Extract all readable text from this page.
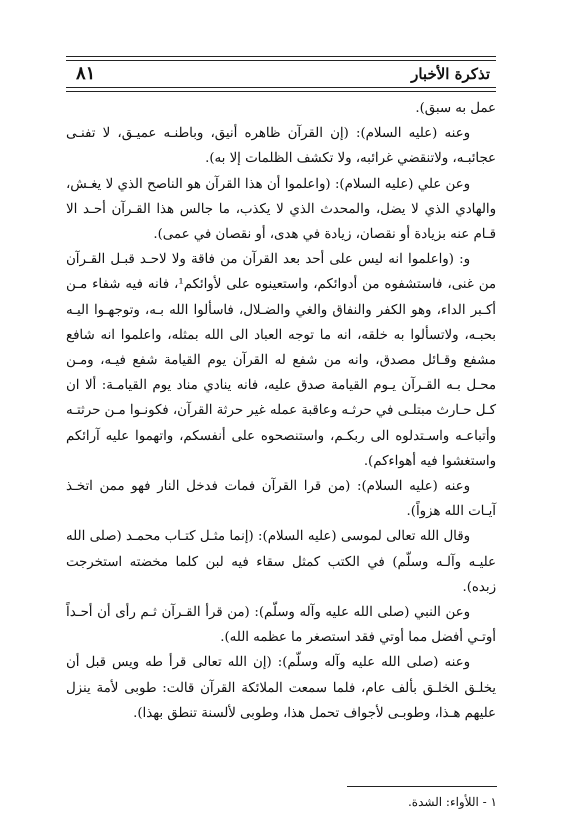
تذكرة الأخبار
٨١

عمل به سبق).

وعنه (عليه السلام): (إن القرآن ظاهره أنيق، وباطنـه عميـق، لا تفنـى عجائبـه، ولاتنقضي غرائبه، ولا تكشف الظلمات إلا به).

وعن علي (عليه السلام): (واعلموا أن هذا القرآن هو الناصح الذي لا يغـش، والهادي الذي لا يضل، والمحدث الذي لا يكذب، ما جالس هذا القـرآن أحـد الا قـام عنه بزيادة أو نقصان، زيادة في هدى، أو نقصان في عمى).

و: (واعلموا انه ليس على أحد بعد القرآن من فاقة ولا لاحـد قبـل القـرآن من غنى، فاستشفوه من أدوائكم، واستعينوه على لأوائكم¹، فانه فيه شفاء مـن أكـبر الداء، وهو الكفر والنفاق والغي والضـلال، فاسألوا الله بـه، وتوجهـوا اليـه بحبـه، ولاتسألوا به خلقه، انه ما توجه العباد الى الله بمثله، واعلموا انه شافع مشفع وقـائل مصدق، وانه من شفع له القرآن يوم القيامة شفع فيـه، ومـن محـل بـه القـرآن يـوم القيامة صدق عليه، فانه ينادي مناد يوم القيامـة: ألا ان كـل حـارث مبتلـى في حرثـه وعاقبة عمله غير حرثة القرآن، فكونـوا مـن حرثتـه وأتباعـه واسـتدلوه الى ربكـم، واستنصحوه على أنفسكم، واتهموا عليه آرائكم واستغشوا فيه أهواءكم).

وعنه (عليه السلام): (من قرا القرآن فمات فدخل النار فهو ممن اتخـذ آيـات الله هزواً).

وقال الله تعالى لموسى (عليه السلام): (إنما مثـل كتـاب محمـد (صلى الله عليـه وآلـه وسلّم) في الكتب كمثل سقاء فيه لبن كلما مخضته استخرجت زبده).

وعن النبي (صلى الله عليه وآله وسلّم): (من قرأ القـرآن ثـم رأى أن أحـداً أوتـي أفضل مما أوتي فقد استصغر ما عظمه الله).

وعنه (صلى الله عليه وآله وسلّم): (إن الله تعالى قرأ طه ويس قبل أن يخلـق الخلـق بألف عام، فلما سمعت الملائكة القرآن قالت: طوبى لأمة ينزل عليهم هـذا، وطوبـى لأجواف تحمل هذا، وطوبى لألسنة تنطق بهذا).

١ - اللأواء: الشدة.
